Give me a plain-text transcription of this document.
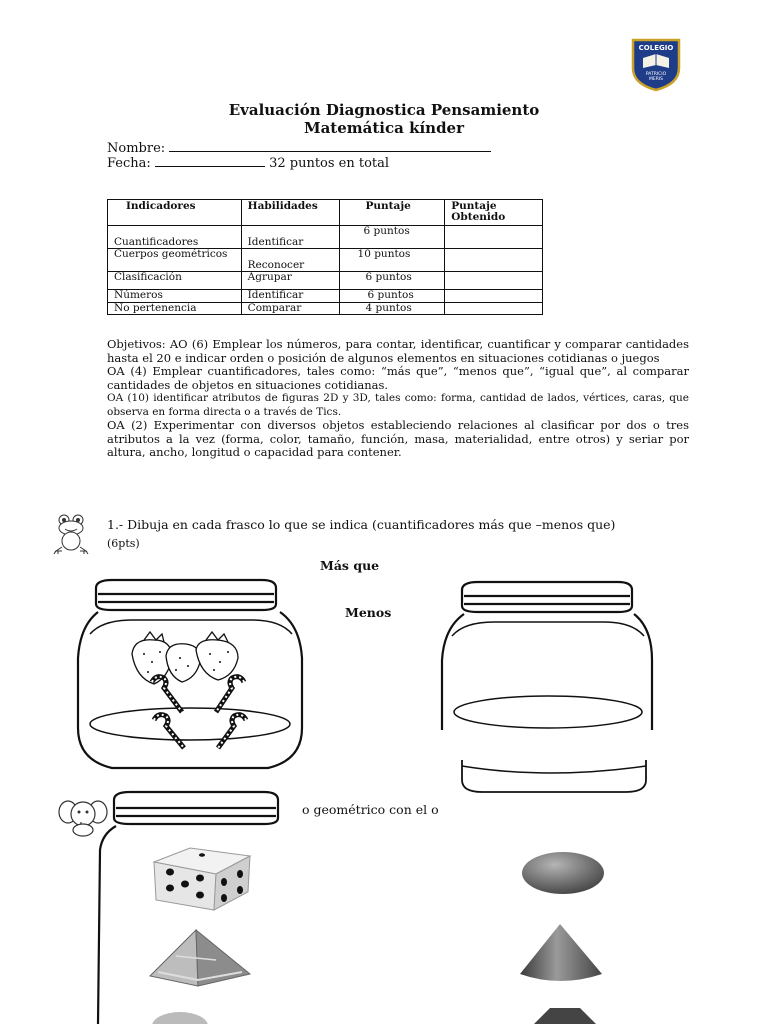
COLEGIO
PATRICIO
MERIS
Evaluación Diagnostica Pensamiento
Matemática kínder
Nombre:
Fecha:	32 puntos en total
Indicadores	Habilidades	Puntaje	Puntaje Obtenido
Cuantificadores	Identificar	6 puntos	
Cuerpos geométricos	Reconocer	10 puntos	
Clasificación	Agrupar	6 puntos	
Números	Identificar	6 puntos	
No pertenencia	Comparar	4 puntos	

Objetivos: AO (6) Emplear los números, para contar, identificar, cuantificar y comparar cantidades hasta el 20 e indicar orden o posición de algunos elementos en situaciones cotidianas o juegos

OA (4) Emplear cuantificadores, tales como: “más que”, “menos que”, “igual que”, al comparar cantidades de objetos en situaciones cotidianas.

OA (10) identificar atributos de figuras 2D y 3D, tales como: forma, cantidad de lados, vértices, caras, que observa en forma directa o a través de Tics.

OA (2) Experimentar con diversos objetos estableciendo relaciones al clasificar por dos o tres atributos a la vez (forma, color, tamaño, función, masa, materialidad, entre otros) y seriar por altura, ancho, longitud o capacidad para contener.

1.- Dibuja en cada frasco lo que se indica (cuantificadores más que –menos que)
(6pts)
Más que
Menos
o geométrico con el o
